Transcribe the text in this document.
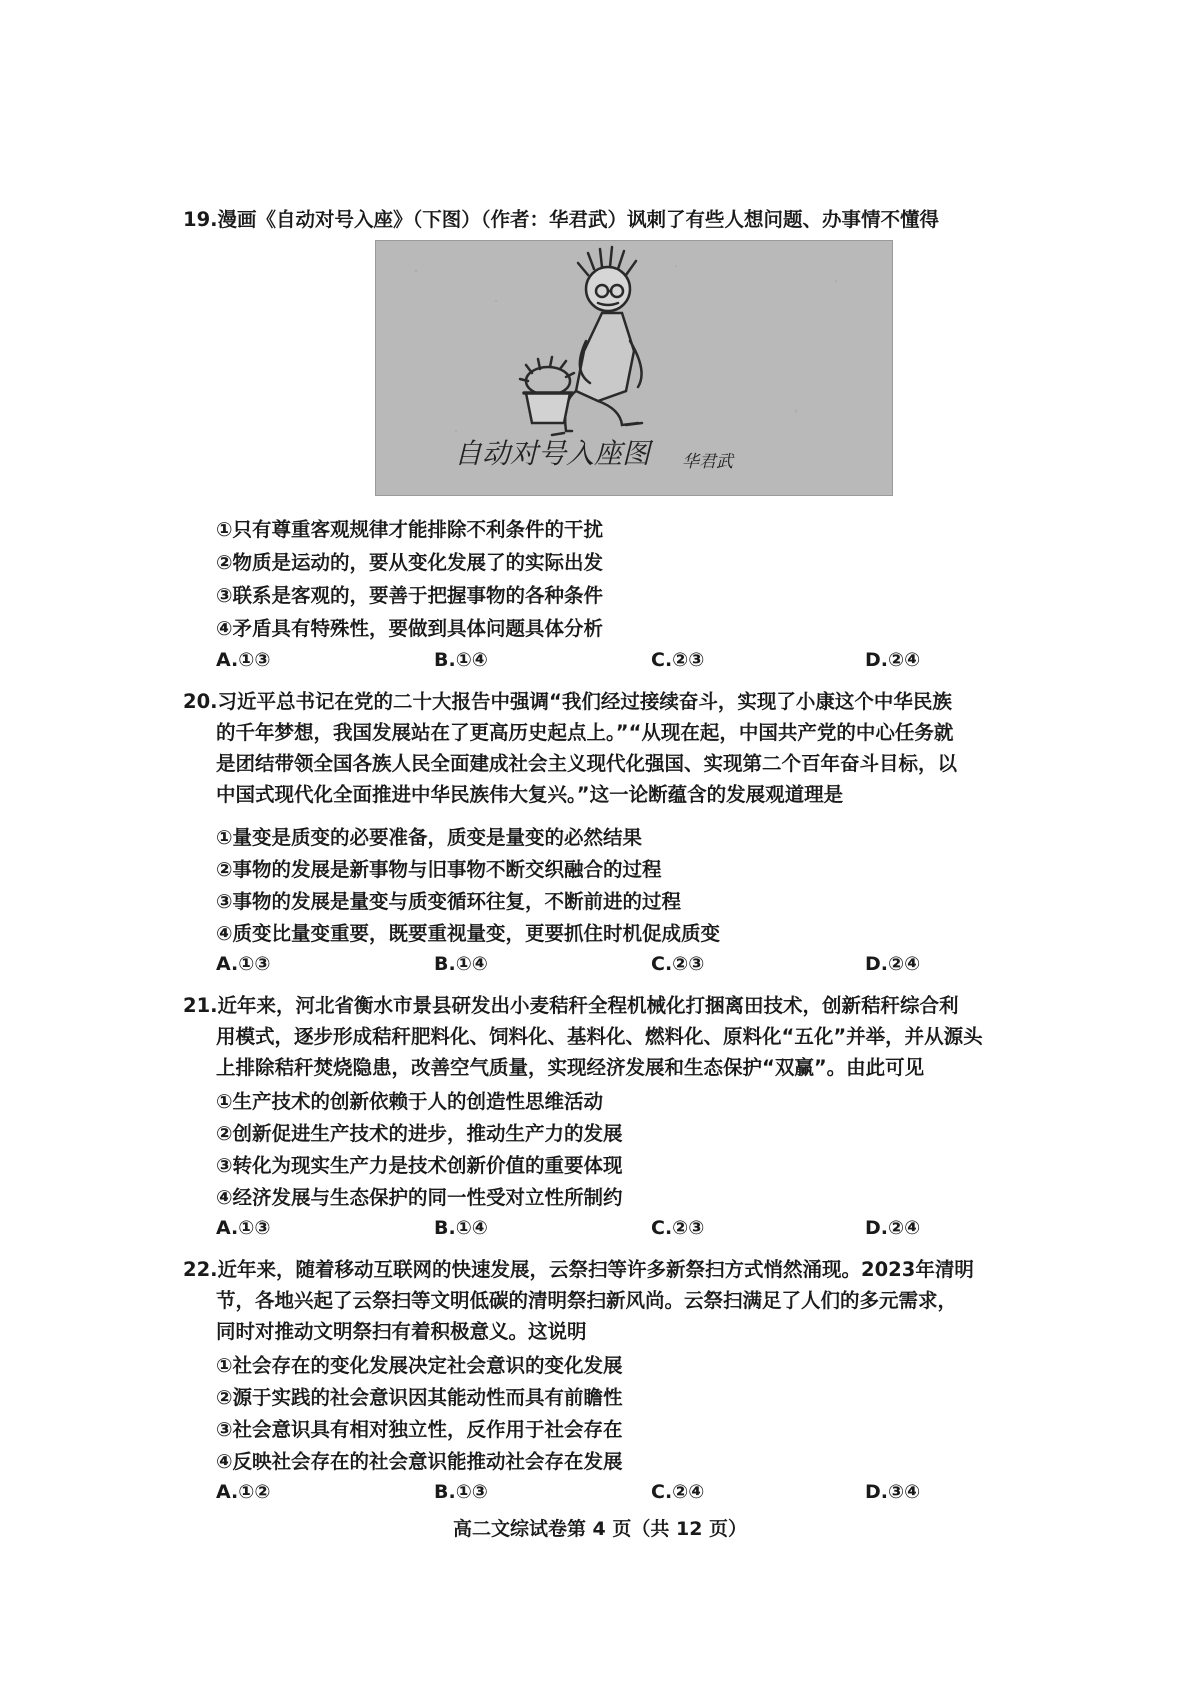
19.漫画《自动对号入座》（下图）（作者：华君武）讽刺了有些人想问题、办事情不懂得
自动对号入座图 华君武
①只有尊重客观规律才能排除不利条件的干扰
②物质是运动的，要从变化发展了的实际出发
③联系是客观的，要善于把握事物的各种条件
④矛盾具有特殊性，要做到具体问题具体分析
A.①③	B.①④	C.②③	D.②④
20.习近平总书记在党的二十大报告中强调“我们经过接续奋斗，实现了小康这个中华民族
的千年梦想，我国发展站在了更高历史起点上。”“从现在起，中国共产党的中心任务就
是团结带领全国各族人民全面建成社会主义现代化强国、实现第二个百年奋斗目标，以
中国式现代化全面推进中华民族伟大复兴。”这一论断蕴含的发展观道理是
①量变是质变的必要准备，质变是量变的必然结果
②事物的发展是新事物与旧事物不断交织融合的过程
③事物的发展是量变与质变循环往复，不断前进的过程
④质变比量变重要，既要重视量变，更要抓住时机促成质变
A.①③	B.①④	C.②③	D.②④
21.近年来，河北省衡水市景县研发出小麦秸秆全程机械化打捆离田技术，创新秸秆综合利
用模式，逐步形成秸秆肥料化、饲料化、基料化、燃料化、原料化“五化”并举，并从源头
上排除秸秆焚烧隐患，改善空气质量，实现经济发展和生态保护“双赢”。由此可见
①生产技术的创新依赖于人的创造性思维活动
②创新促进生产技术的进步，推动生产力的发展
③转化为现实生产力是技术创新价值的重要体现
④经济发展与生态保护的同一性受对立性所制约
A.①③	B.①④	C.②③	D.②④
22.近年来，随着移动互联网的快速发展，云祭扫等许多新祭扫方式悄然涌现。2023年清明
节，各地兴起了云祭扫等文明低碳的清明祭扫新风尚。云祭扫满足了人们的多元需求，
同时对推动文明祭扫有着积极意义。这说明
①社会存在的变化发展决定社会意识的变化发展
②源于实践的社会意识因其能动性而具有前瞻性
③社会意识具有相对独立性，反作用于社会存在
④反映社会存在的社会意识能推动社会存在发展
A.①②	B.①③	C.②④	D.③④
高二文综试卷第 4 页（共 12 页）
